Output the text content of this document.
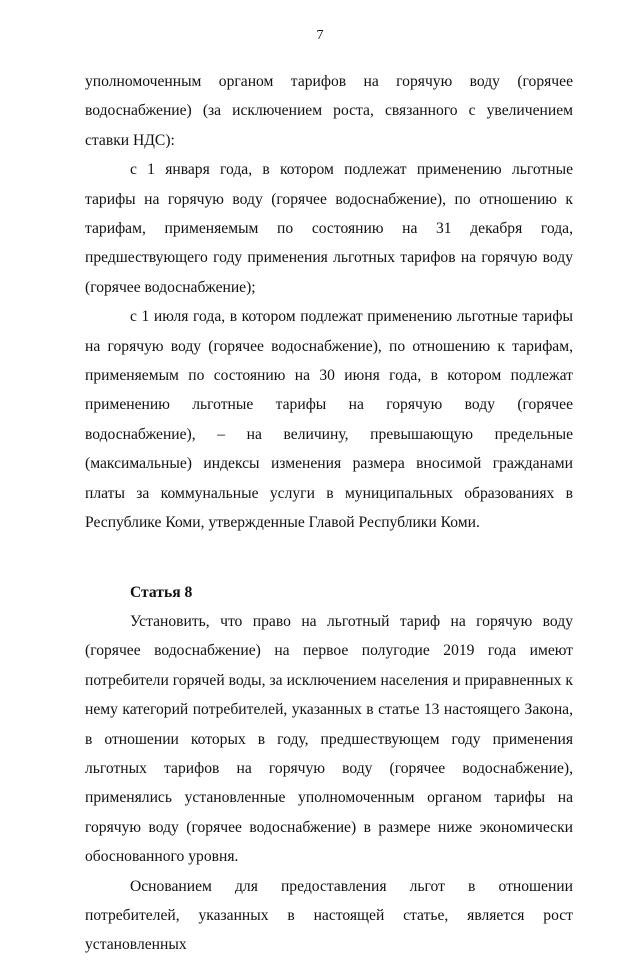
7

уполномоченным органом тарифов на горячую воду (горячее водоснабжение) (за исключением роста, связанного с увеличением ставки НДС):

с 1 января года, в котором подлежат применению льготные тарифы на горячую воду (горячее водоснабжение), по отношению к тарифам, применяемым по состоянию на 31 декабря года, предшествующего году применения льготных тарифов на горячую воду (горячее водоснабжение);

с 1 июля года, в котором подлежат применению льготные тарифы на горячую воду (горячее водоснабжение), по отношению к тарифам, применяемым по состоянию на 30 июня года, в котором подлежат применению льготные тарифы на горячую воду (горячее водоснабжение), – на величину, превышающую предельные (максимальные) индексы изменения размера вносимой гражданами платы за коммунальные услуги в муниципальных образованиях в Республике Коми, утвержденные Главой Республики Коми.

Статья 8

Установить, что право на льготный тариф на горячую воду (горячее водоснабжение) на первое полугодие 2019 года имеют потребители горячей воды, за исключением населения и приравненных к нему категорий потребителей, указанных в статье 13 настоящего Закона, в отношении которых в году, предшествующем году применения льготных тарифов на горячую воду (горячее водоснабжение), применялись установленные уполномоченным органом тарифы на горячую воду (горячее водоснабжение) в размере ниже экономически обоснованного уровня.

Основанием для предоставления льгот в отношении потребителей, указанных в настоящей статье, является рост установленных
